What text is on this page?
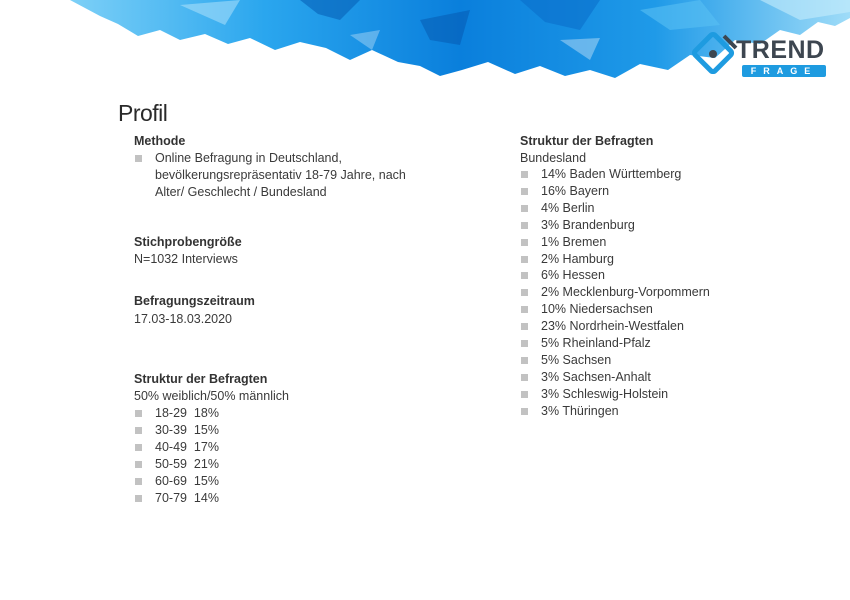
TREND
FRAGE
Profil
Methode
Online Befragung in Deutschland, bevölkerungsrepräsentativ 18-79 Jahre, nach Alter/ Geschlecht / Bundesland
Stichprobengröße
N=1032 Interviews
Befragungszeitraum
17.03-18.03.2020
Struktur der Befragten
50% weiblich/50% männlich
18-29  18%
30-39  15%
40-49  17%
50-59  21%
60-69  15%
70-79  14%
Struktur der Befragten
Bundesland
14% Baden Württemberg
16% Bayern
4% Berlin
3% Brandenburg
1% Bremen
2% Hamburg
6% Hessen
2% Mecklenburg-Vorpommern
10% Niedersachsen
23% Nordrhein-Westfalen
5% Rheinland-Pfalz
5% Sachsen
3% Sachsen-Anhalt
3% Schleswig-Holstein
3% Thüringen
